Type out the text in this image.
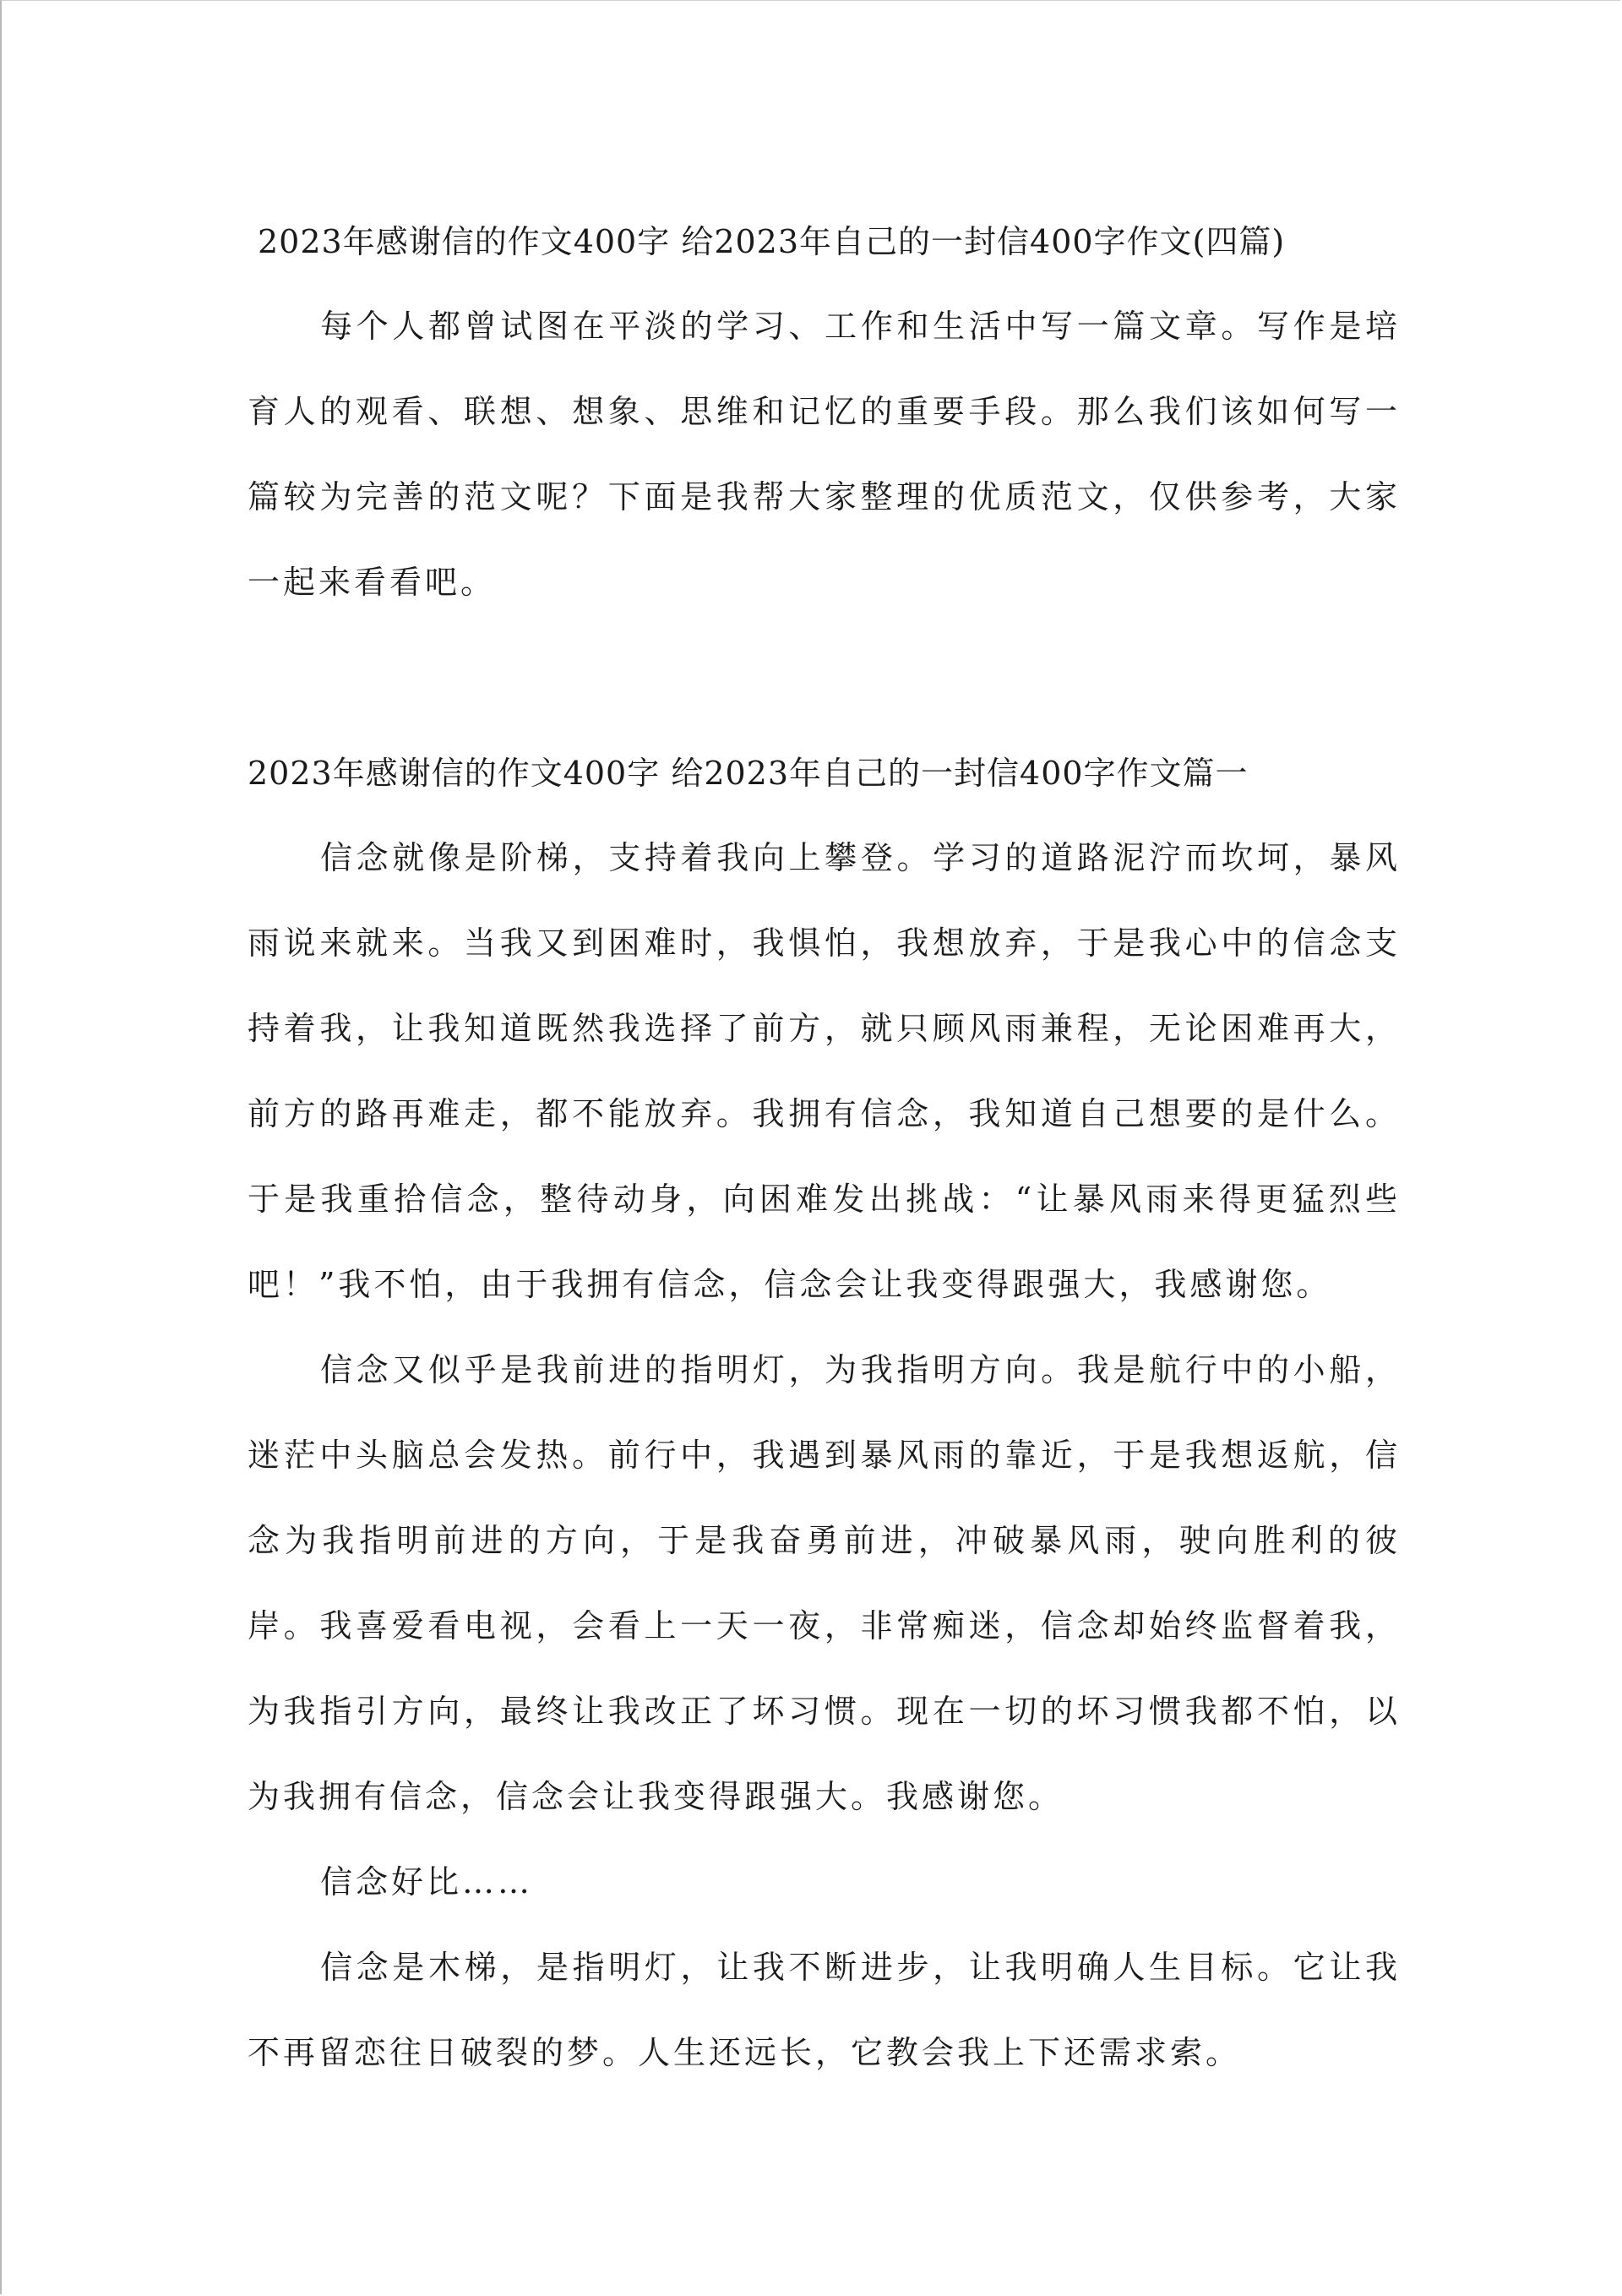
2023年感谢信的作文400字 给2023年自己的一封信400字作文(四篇)

每个人都曾试图在平淡的学习、工作和生活中写一篇文章。写作是培育人的观看、联想、想象、思维和记忆的重要手段。那么我们该如何写一篇较为完善的范文呢？下面是我帮大家整理的优质范文，仅供参考，大家一起来看看吧。

2023年感谢信的作文400字 给2023年自己的一封信400字作文篇一

信念就像是阶梯，支持着我向上攀登。学习的道路泥泞而坎坷，暴风雨说来就来。当我又到困难时，我惧怕，我想放弃，于是我心中的信念支持着我，让我知道既然我选择了前方，就只顾风雨兼程，无论困难再大，前方的路再难走，都不能放弃。我拥有信念，我知道自己想要的是什么。于是我重拾信念，整待动身，向困难发出挑战：“让暴风雨来得更猛烈些吧！”我不怕，由于我拥有信念，信念会让我变得跟强大，我感谢您。

信念又似乎是我前进的指明灯，为我指明方向。我是航行中的小船，迷茫中头脑总会发热。前行中，我遇到暴风雨的靠近，于是我想返航，信念为我指明前进的方向，于是我奋勇前进，冲破暴风雨，驶向胜利的彼岸。我喜爱看电视，会看上一天一夜，非常痴迷，信念却始终监督着我，为我指引方向，最终让我改正了坏习惯。现在一切的坏习惯我都不怕，以为我拥有信念，信念会让我变得跟强大。我感谢您。

信念好比……

信念是木梯，是指明灯，让我不断进步，让我明确人生目标。它让我不再留恋往日破裂的梦。人生还远长，它教会我上下还需求索。
